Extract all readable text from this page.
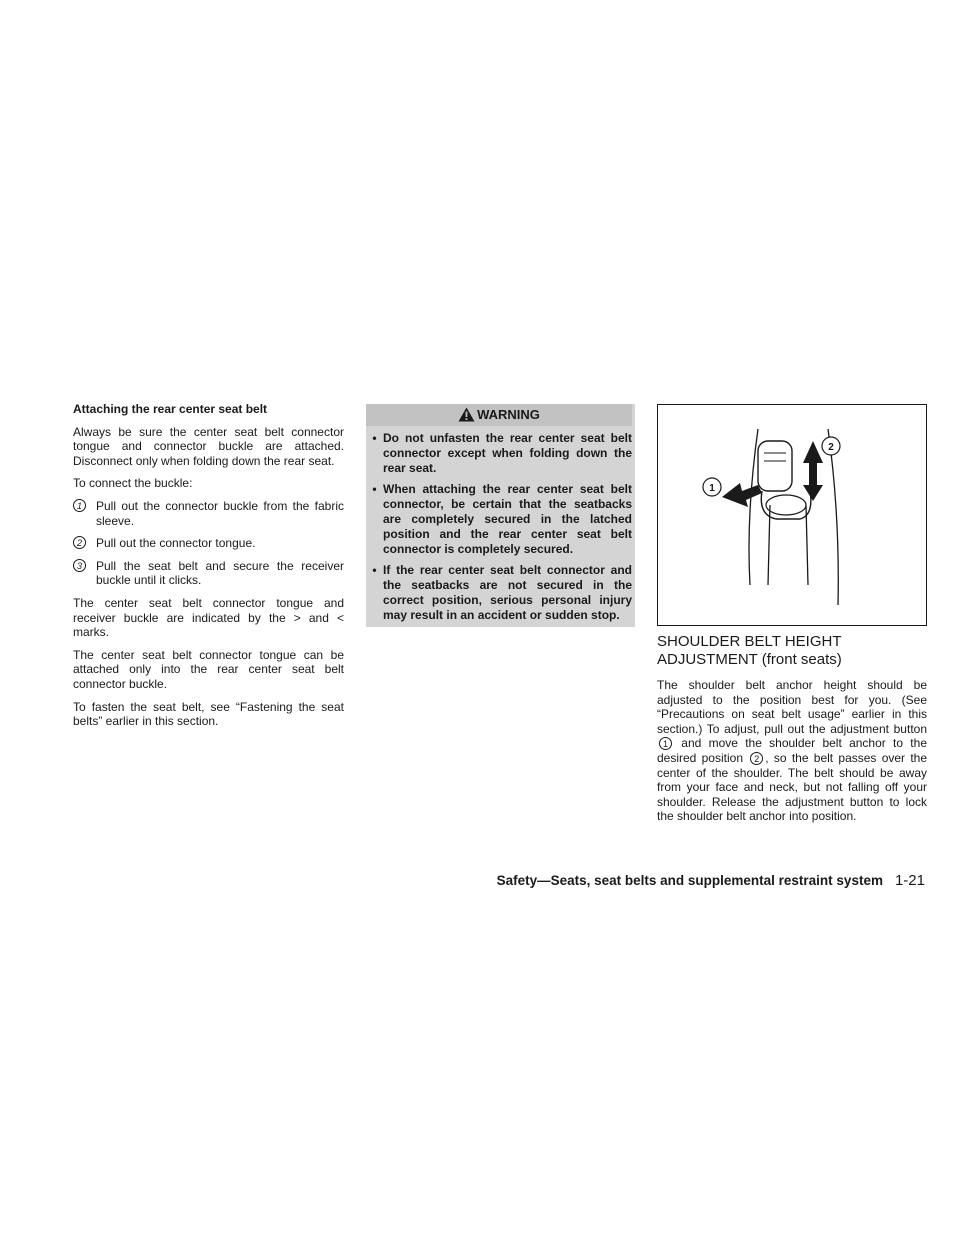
Attaching the rear center seat belt

Always be sure the center seat belt connector tongue and connector buckle are attached. Disconnect only when folding down the rear seat.

To connect the buckle:

1	Pull out the connector buckle from the fabric sleeve.
2	Pull out the connector tongue.
3	Pull the seat belt and secure the receiver buckle until it clicks.

The center seat belt connector tongue and receiver buckle are indicated by the > and < marks.

The center seat belt connector tongue can be attached only into the rear center seat belt connector buckle.

To fasten the seat belt, see “Fastening the seat belts” earlier in this section.

WARNING
• Do not unfasten the rear center seat belt connector except when folding down the rear seat.
• When attaching the rear center seat belt connector, be certain that the seatbacks are completely secured in the latched position and the rear center seat belt connector is completely secured.
• If the rear center seat belt connector and the seatbacks are not secured in the correct position, serious personal injury may result in an accident or sudden stop.
1
2
SHOULDER BELT HEIGHT
ADJUSTMENT (front seats)

The shoulder belt anchor height should be adjusted to the position best for you. (See “Precautions on seat belt usage” earlier in this section.) To adjust, pull out the adjustment button 1 and move the shoulder belt anchor to the desired position 2 , so the belt passes over the center of the shoulder. The belt should be away from your face and neck, but not falling off your shoulder. Release the adjustment button to lock the shoulder belt anchor into position.

Safety—Seats, seat belts and supplemental restraint system 1-21
